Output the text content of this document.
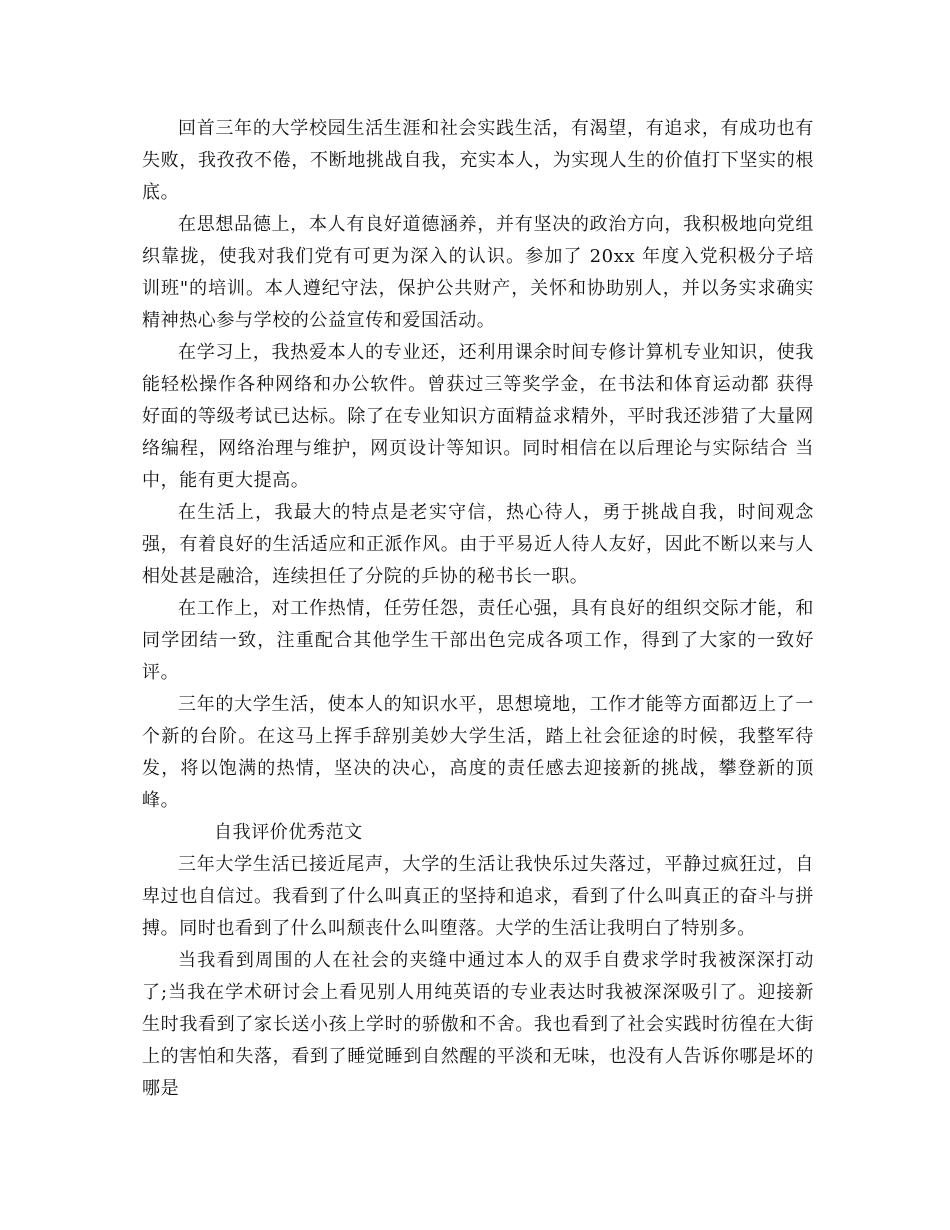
回首三年的大学校园生活生涯和社会实践生活，有渴望，有追求，有成功也有失败，我孜孜不倦，不断地挑战自我，充实本人，为实现人生的价值打下坚实的根底。

在思想品德上，本人有良好道德涵养，并有坚决的政治方向，我积极地向党组织靠拢，使我对我们党有可更为深入的认识。参加了 20xx 年度入党积极分子培训班"的培训。本人遵纪守法，保护公共财产，关怀和协助别人，并以务实求确实精神热心参与学校的公益宣传和爱国活动。

在学习上，我热爱本人的专业还，还利用课余时间专修计算机专业知识，使我能轻松操作各种网络和办公软件。曾获过三等奖学金，在书法和体育运动都 获得好面的等级考试已达标。除了在专业知识方面精益求精外，平时我还涉猎了大量网络编程，网络治理与维护，网页设计等知识。同时相信在以后理论与实际结合 当中，能有更大提高。

在生活上，我最大的特点是老实守信，热心待人，勇于挑战自我，时间观念强，有着良好的生活适应和正派作风。由于平易近人待人友好，因此不断以来与人相处甚是融洽，连续担任了分院的乒协的秘书长一职。

在工作上，对工作热情，任劳任怨，责任心强，具有良好的组织交际才能，和同学团结一致，注重配合其他学生干部出色完成各项工作，得到了大家的一致好评。

三年的大学生活，使本人的知识水平，思想境地，工作才能等方面都迈上了一个新的台阶。在这马上挥手辞别美妙大学生活，踏上社会征途的时候，我整军待发，将以饱满的热情，坚决的决心，高度的责任感去迎接新的挑战，攀登新的顶峰。

自我评价优秀范文

三年大学生活已接近尾声，大学的生活让我快乐过失落过，平静过疯狂过，自卑过也自信过。我看到了什么叫真正的坚持和追求，看到了什么叫真正的奋斗与拼搏。同时也看到了什么叫颓丧什么叫堕落。大学的生活让我明白了特别多。

当我看到周围的人在社会的夹缝中通过本人的双手自费求学时我被深深打动了;当我在学术研讨会上看见别人用纯英语的专业表达时我被深深吸引了。迎接新生时我看到了家长送小孩上学时的骄傲和不舍。我也看到了社会实践时彷徨在大街上的害怕和失落，看到了睡觉睡到自然醒的平淡和无味，也没有人告诉你哪是坏的哪是
